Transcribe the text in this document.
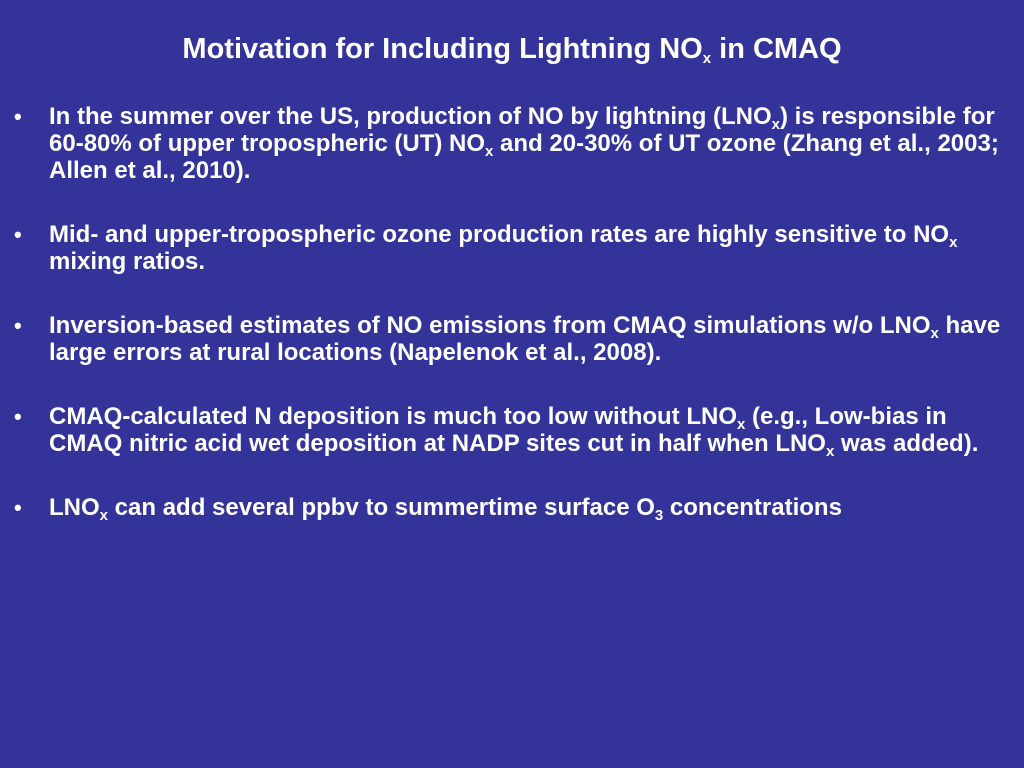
Motivation for Including Lightning $NO_x$ in CMAQ
• In the summer over the US, production of NO by lightning $(LNO_x)$ is responsible for 60-80% of upper tropospheric (UT) $NO_x$ and 20-30% of UT ozone (Zhang et al., 2003; Allen et al., 2010).
• Mid- and upper-tropospheric ozone production rates are highly sensitive to $NO_x$ mixing ratios.
• Inversion-based estimates of NO emissions from CMAQ simulations w/o $LNO_x$ have large errors at rural locations (Napelenok et al., 2008).
• CMAQ-calculated N deposition is much too low without $LNO_x$ (e.g., Low-bias in CMAQ nitric acid wet deposition at NADP sites cut in half when $LNO_x$ was added).
• $LNO_x$ can add several ppbv to summertime surface $O_3$ concentrations
